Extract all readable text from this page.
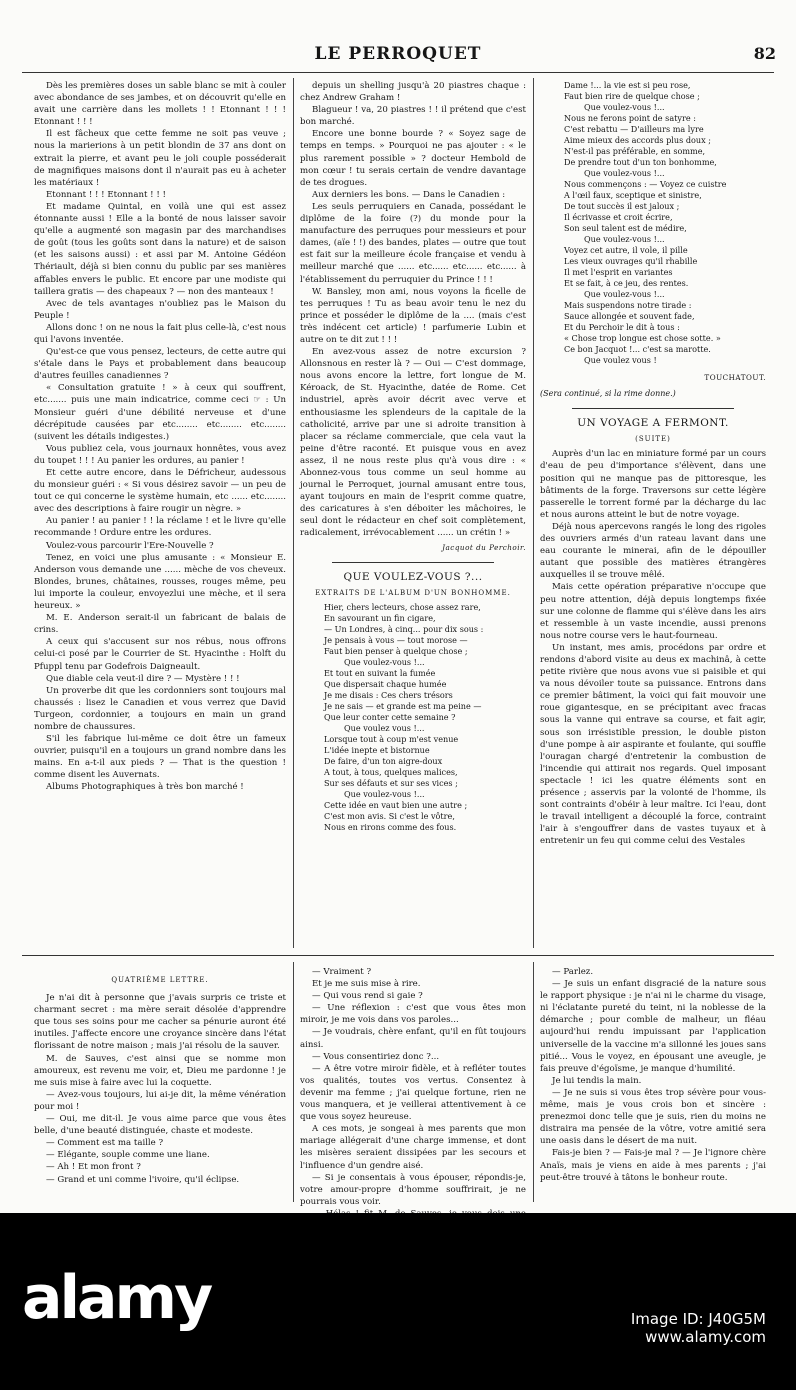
LE PERROQUET	82

Dès les premières doses un sable blanc se mit à couler avec abondance de ses jambes, et on découvrit qu'elle en avait une carrière dans les mollets ! ! Etonnant ! ! ! Etonnant ! ! !

Il est fâcheux que cette femme ne soit pas veuve ; nous la marierions à un petit blondin de 37 ans dont on extrait la pierre, et avant peu le joli couple posséderait de magnifiques maisons dont il n'aurait pas eu à acheter les matériaux !

Etonnant ! ! ! Etonnant ! ! !

Et madame Quintal, en voilà une qui est assez étonnante aussi ! Elle a la bonté de nous laisser savoir qu'elle a augmenté son magasin par des marchandises de goût (tous les goûts sont dans la nature) et de saison (et les saisons aussi) : et assi par M. Antoine Gédéon Thériault, déjà si bien connu du public par ses manières affables envers le public. Et encore par une modiste qui taillera gratis — des chapeaux ? — non des manteaux !

Avec de tels avantages n'oubliez pas le Maison du Peuple !

Allons donc ! on ne nous la fait plus celle-là, c'est nous qui l'avons inventée.

Qu'est-ce que vous pensez, lecteurs, de cette autre qui s'étale dans le Pays et probablement dans beaucoup d'autres feuilles canadiennes ?

« Consultation gratuite ! » à ceux qui souffrent, etc....... puis une main indicatrice, comme ceci ☞ : Un Monsieur guéri d'une débilité nerveuse et d'une décrépitude causées par etc........ etc........ etc........ (suivent les détails indigestes.)

Vous publiez cela, vous journaux honnêtes, vous avez du toupet ! ! ! Au panier les ordures, au panier !

Et cette autre encore, dans le Défricheur, audessous du monsieur guéri : « Si vous désirez savoir — un peu de tout ce qui concerne le système humain, etc ...... etc........ avec des descriptions à faire rougir un nègre. »

Au panier ! au panier ! ! la réclame ! et le livre qu'elle recommande ! Ordure entre les ordures.

Voulez-vous parcourir l'Ere-Nouvelle ?

Tenez, en voici une plus amusante : « Monsieur E. Anderson vous demande une ...... mèche de vos cheveux. Blondes, brunes, châtaines, rousses, rouges même, peu lui importe la couleur, envoyezlui une mèche, et il sera heureux. »

M. E. Anderson serait-il un fabricant de balais de crins.

A ceux qui s'accusent sur nos rébus, nous offrons celui-ci posé par le Courrier de St. Hyacinthe : Holft du Pfuppl tenu par Godefrois Daigneault.

Que diable cela veut-il dire ? — Mystère ! ! !

Un proverbe dit que les cordonniers sont toujours mal chaussés : lisez le Canadien et vous verrez que David Turgeon, cordonnier, a toujours en main un grand nombre de chaussures.

S'il les fabrique lui-même ce doit être un fameux ouvrier, puisqu'il en a toujours un grand nombre dans les mains. En a-t-il aux pieds ? — That is the question ! comme disent les Auvernats.

Albums Photographiques à très bon marché !

depuis un shelling jusqu'à 20 piastres chaque : chez Andrew Graham !

Blagueur ! va, 20 piastres ! ! il prétend que c'est bon marché.

Encore une bonne bourde ? « Soyez sage de temps en temps. » Pourquoi ne pas ajouter : « le plus rarement possible » ? docteur Hembold de mon cœur ! tu serais certain de vendre davantage de tes drogues.

Aux derniers les bons. — Dans le Canadien :

Les seuls perruquiers en Canada, possédant le diplôme de la foire (?) du monde pour la manufacture des perruques pour messieurs et pour dames, (aïe ! !) des bandes, plates — outre que tout est fait sur la meilleure école française et vendu à meilleur marché que ...... etc...... etc...... etc...... à l'établissement du perruquier du Prince ! ! !

W. Bansley, mon ami, nous voyons la ficelle de tes perruques ! Tu as beau avoir tenu le nez du prince et posséder le diplôme de la .... (mais c'est très indécent cet article) ! parfumerie Lubin et autre on te dit zut ! ! !

En avez-vous assez de notre excursion ? Allonsnous en rester là ? — Oui — C'est dommage, nous avons encore la lettre, fort longue de M. Kéroack, de St. Hyacinthe, datée de Rome. Cet industriel, après avoir décrit avec verve et enthousiasme les splendeurs de la capitale de la catholicité, arrive par une si adroite transition à placer sa réclame commerciale, que cela vaut la peine d'être raconté. Et puisque vous en avez assez, il ne nous reste plus qu'à vous dire : « Abonnez-vous tous comme un seul homme au journal le Perroquet, journal amusant entre tous, ayant toujours en main de l'esprit comme quatre, des caricatures à s'en déboiter les mâchoires, le seul dont le rédacteur en chef soit complètement, radicalement, irrévocablement ...... un crétin ! »

Jacquot du Perchoir.
QUE VOULEZ-VOUS ?...
EXTRAITS DE L'ALBUM D'UN BONHOMME.
Hier, chers lecteurs, chose assez rare,
En savourant un fin cigare,
— Un Londres, à cinq... pour dix sous :
Je pensais à vous — tout morose —
Faut bien penser à quelque chose ;
Que voulez-vous !...
Et tout en suivant la fumée
Que dispersait chaque humée
Je me disais : Ces chers trésors
Je ne sais — et grande est ma peine —
Que leur conter cette semaine ?
Que voulez vous !...
Lorsque tout à coup m'est venue
L'idée inepte et bistornue
De faire, d'un ton aigre-doux
A tout, à tous, quelques malices,
Sur ses défauts et sur ses vices ;
Que voulez-vous !...
Cette idée en vaut bien une autre ;
C'est mon avis. Si c'est le vôtre,
Nous en rirons comme des fous.
Dame !... la vie est si peu rose,
Faut bien rire de quelque chose ;
Que voulez-vous !...
Nous ne ferons point de satyre :
C'est rebattu — D'ailleurs ma lyre
Aime mieux des accords plus doux ;
N'est-il pas préférable, en somme,
De prendre tout d'un ton bonhomme,
Que voulez-vous !...
Nous commençons : — Voyez ce cuistre
A l'œil faux, sceptique et sinistre,
De tout succès il est jaloux ;
Il écrivasse et croit écrire,
Son seul talent est de médire,
Que voulez-vous !...
Voyez cet autre, il vole, il pille
Les vieux ouvrages qu'il rhabille
Il met l'esprit en variantes
Et se fait, à ce jeu, des rentes.
Que voulez-vous !...
Mais suspendons notre tirade :
Sauce allongée et souvent fade,
Et du Perchoir le dit à tous :
« Chose trop longue est chose sotte. »
Ce bon Jacquot !... c'est sa marotte.
Que voulez vous !
TOUCHATOUT.
(Sera continué, si la rime donne.)
UN VOYAGE A FERMONT.
(SUITE)

Auprès d'un lac en miniature formé par un cours d'eau de peu d'importance s'élèvent, dans une position qui ne manque pas de pittoresque, les bâtiments de la forge. Traversons sur cette légère passerelle le torrent formé par la décharge du lac et nous aurons atteint le but de notre voyage.

Déjà nous apercevons rangés le long des rigoles des ouvriers armés d'un rateau lavant dans une eau courante le minerai, afin de le dépouiller autant que possible des matières étrangères auxquelles il se trouve mêlé.

Mais cette opération préparative n'occupe que peu notre attention, déjà depuis longtemps fixée sur une colonne de flamme qui s'élève dans les airs et ressemble à un vaste incendie, aussi prenons nous notre course vers le haut-fourneau.

Un instant, mes amis, procédons par ordre et rendons d'abord visite au deus ex machinâ, à cette petite rivière que nous avons vue si paisible et qui va nous dévoiler toute sa puissance. Entrons dans ce premier bâtiment, la voici qui fait mouvoir une roue gigantesque, en se précipitant avec fracas sous la vanne qui entrave sa course, et fait agir, sous son irrésistible pression, le double piston d'une pompe à air aspirante et foulante, qui souffle l'ouragan chargé d'entretenir la combustion de l'incendie qui attirait nos regards. Quel imposant spectacle ! ici les quatre éléments sont en présence ; asservis par la volonté de l'homme, ils sont contraints d'obéir à leur maître. Ici l'eau, dont le travail intelligent a découplé la force, contraint l'air à s'engouffrer dans de vastes tuyaux et à entretenir un feu qui comme celui des Vestales

QUATRIÈME LETTRE.

Je n'ai dit à personne que j'avais surpris ce triste et charmant secret : ma mère serait désolée d'apprendre que tous ses soins pour me cacher sa pénurie auront été inutiles. J'affecte encore une croyance sincère dans l'état florissant de notre maison ; mais j'ai résolu de la sauver.

M. de Sauves, c'est ainsi que se nomme mon amoureux, est revenu me voir, et, Dieu me pardonne ! je me suis mise à faire avec lui la coquette.

— Avez-vous toujours, lui ai-je dit, la même vénération pour moi !

— Oui, me dit-il. Je vous aime parce que vous êtes belle, d'une beauté distinguée, chaste et modeste.

— Comment est ma taille ?

— Elégante, souple comme une liane.

— Ah ! Et mon front ?

— Grand et uni comme l'ivoire, qu'il éclipse.

— Vraiment ?

Et je me suis mise à rire.

— Qui vous rend si gaie ?

— Une réflexion : c'est que vous êtes mon miroir, je me vois dans vos paroles...

— Je voudrais, chère enfant, qu'il en fût toujours ainsi.

— Vous consentiriez donc ?...

— A être votre miroir fidèle, et à refléter toutes vos qualités, toutes vos vertus. Consentez à devenir ma femme ; j'ai quelque fortune, rien ne vous manquera, et je veillerai attentivement à ce que vous soyez heureuse.

A ces mots, je songeai à mes parents que mon mariage allégerait d'une charge immense, et dont les misères seraient dissipées par les secours et l'influence d'un gendre aisé.

— Si je consentais à vous épouser, répondis-je, votre amour-propre d'homme souffrirait, je ne pourrais vous voir.

— Parlez.

— Je suis un enfant disgracié de la nature sous le rapport physique : je n'ai ni le charme du visage, ni l'éclatante pureté du teint, ni la noblesse de la démarche ; pour comble de malheur, un fléau aujourd'hui rendu impuissant par l'application universelle de la vaccine m'a sillonné les joues sans pitié... Vous le voyez, en épousant une aveugle, je fais preuve d'égoïsme, je manque d'humilité.

Je lui tendis la main.

— Je ne suis si vous êtes trop sévère pour vous-même, mais je vous crois bon et sincère : prenezmoi donc telle que je suis, rien du moins ne distraira ma pensée de la vôtre, votre amitié sera une oasis dans le désert de ma nuit.

Fais-je bien ? — Fais-je mal ? — Je l'ignore chère Anaïs, mais je viens en aide à mes parents ; j'ai peut-être trouvé à tâtons le bonheur route.

alamy	Image ID: J40G5M
www.alamy.com
